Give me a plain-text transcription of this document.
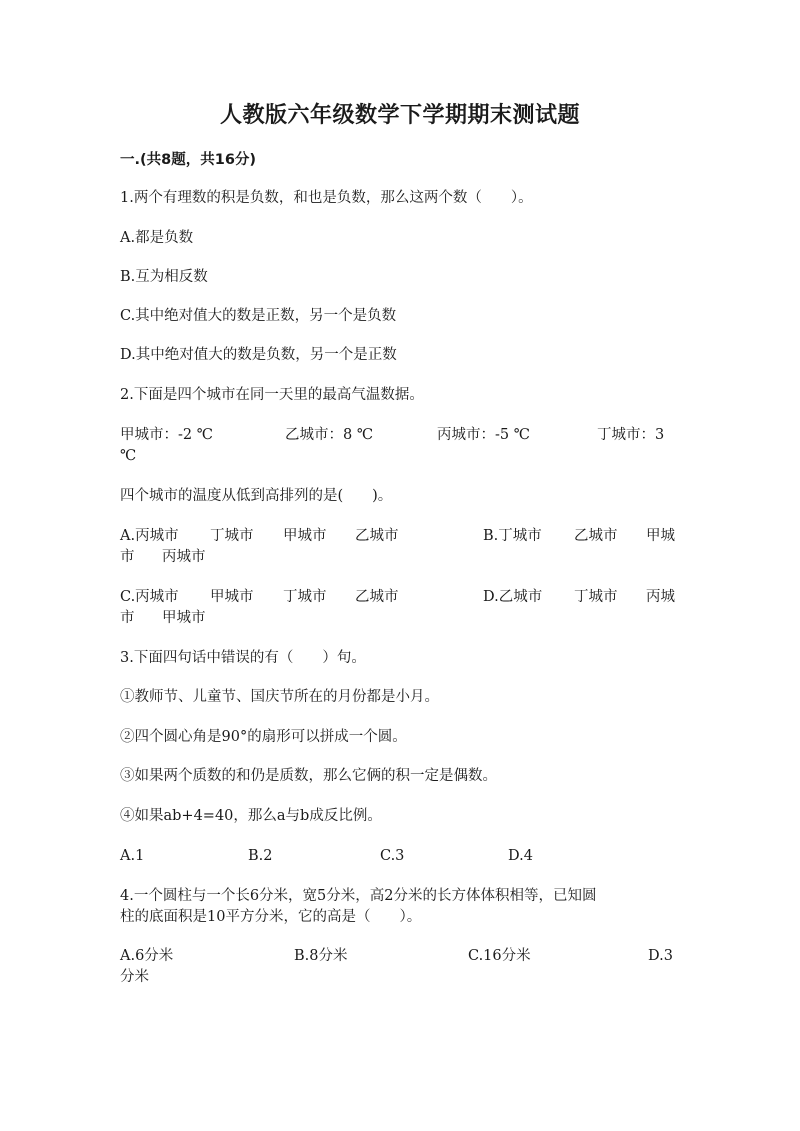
人教版六年级数学下学期期末测试题
一.(共8题，共16分)
1.两个有理数的积是负数，和也是负数，那么这两个数（　　）。
A.都是负数
B.互为相反数
C.其中绝对值大的数是正数，另一个是负数
D.其中绝对值大的数是负数，另一个是正数
2.下面是四个城市在同一天里的最高气温数据。
甲城市：-2 ℃	乙城市：8 ℃	丙城市：-5 ℃	丁城市：3
℃
四个城市的温度从低到高排列的是(　　)。
A.丙城市 丁城市 甲城市 乙城市	B.丁城市 乙城市 甲城
市 丙城市
C.丙城市 甲城市 丁城市 乙城市	D.乙城市 丁城市 丙城
市 甲城市
3.下面四句话中错误的有（　　）句。
①教师节、儿童节、国庆节所在的月份都是小月。
②四个圆心角是90°的扇形可以拼成一个圆。
③如果两个质数的和仍是质数，那么它俩的积一定是偶数。
④如果ab+4=40，那么a与b成反比例。
A.1	B.2	C.3	D.4
4.一个圆柱与一个长6分米，宽5分米，高2分米的长方体体积相等，已知圆
柱的底面积是10平方分米，它的高是（　　）。
A.6分米	B.8分米	C.16分米	D.3
分米
